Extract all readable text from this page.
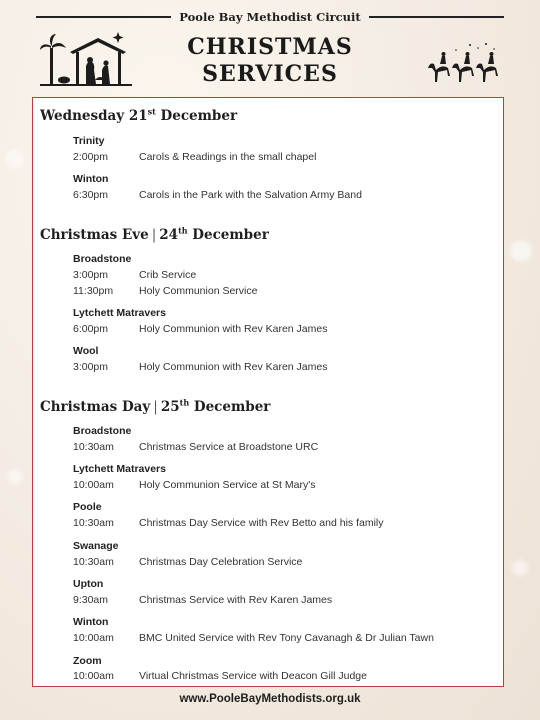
Poole Bay Methodist Circuit
CHRISTMAS
SERVICES
Wednesday 21st December
Trinity
2:00pm	Carols & Readings in the small chapel
Winton
6:30pm	Carols in the Park with the Salvation Army Band
Christmas Eve | 24th December
Broadstone
3:00pm	Crib Service
11:30pm Holy Communion Service
Lytchett Matravers
6:00pm	Holy Communion with Rev Karen James
Wool
3:00pm	Holy Communion with Rev Karen James
Christmas Day | 25th December
Broadstone
10:30am Christmas Service at Broadstone URC
Lytchett Matravers
10:00am Holy Communion Service at St Mary's
Poole
10:30am Christmas Day Service with Rev Betto and his family
Swanage
10:30am Christmas Day Celebration Service
Upton
9:30am	Christmas Service with Rev Karen James
Winton
10:00am BMC United Service with Rev Tony Cavanagh & Dr Julian Tawn
Zoom
10:00am Virtual Christmas Service with Deacon Gill Judge
www.PooleBayMethodists.org.uk
